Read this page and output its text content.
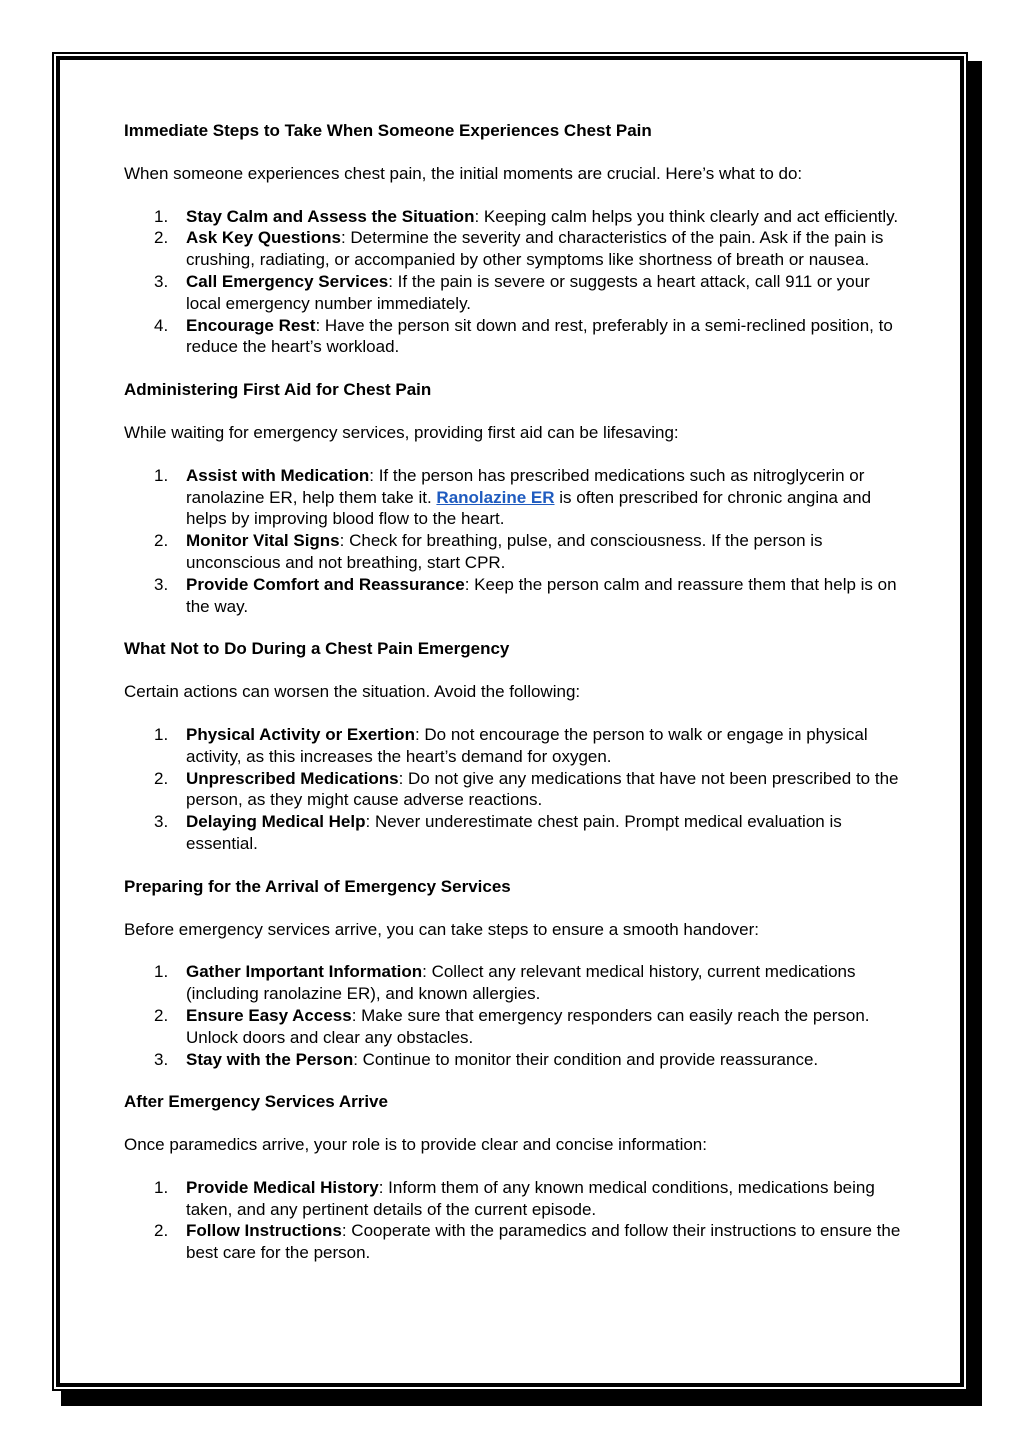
Immediate Steps to Take When Someone Experiences Chest Pain

When someone experiences chest pain, the initial moments are crucial. Here’s what to do:

1. Stay Calm and Assess the Situation: Keeping calm helps you think clearly and act efficiently.
2. Ask Key Questions: Determine the severity and characteristics of the pain. Ask if the pain is crushing, radiating, or accompanied by other symptoms like shortness of breath or nausea.
3. Call Emergency Services: If the pain is severe or suggests a heart attack, call 911 or your local emergency number immediately.
4. Encourage Rest: Have the person sit down and rest, preferably in a semi-reclined position, to reduce the heart’s workload.
Administering First Aid for Chest Pain

While waiting for emergency services, providing first aid can be lifesaving:

1. Assist with Medication: If the person has prescribed medications such as nitroglycerin or ranolazine ER, help them take it. Ranolazine ER is often prescribed for chronic angina and helps by improving blood flow to the heart.
2. Monitor Vital Signs: Check for breathing, pulse, and consciousness. If the person is unconscious and not breathing, start CPR.
3. Provide Comfort and Reassurance: Keep the person calm and reassure them that help is on the way.
What Not to Do During a Chest Pain Emergency

Certain actions can worsen the situation. Avoid the following:

1. Physical Activity or Exertion: Do not encourage the person to walk or engage in physical activity, as this increases the heart’s demand for oxygen.
2. Unprescribed Medications: Do not give any medications that have not been prescribed to the person, as they might cause adverse reactions.
3. Delaying Medical Help: Never underestimate chest pain. Prompt medical evaluation is essential.
Preparing for the Arrival of Emergency Services

Before emergency services arrive, you can take steps to ensure a smooth handover:

1. Gather Important Information: Collect any relevant medical history, current medications (including ranolazine ER), and known allergies.
2. Ensure Easy Access: Make sure that emergency responders can easily reach the person. Unlock doors and clear any obstacles.
3. Stay with the Person: Continue to monitor their condition and provide reassurance.
After Emergency Services Arrive

Once paramedics arrive, your role is to provide clear and concise information:

1. Provide Medical History: Inform them of any known medical conditions, medications being taken, and any pertinent details of the current episode.
2. Follow Instructions: Cooperate with the paramedics and follow their instructions to ensure the best care for the person.
